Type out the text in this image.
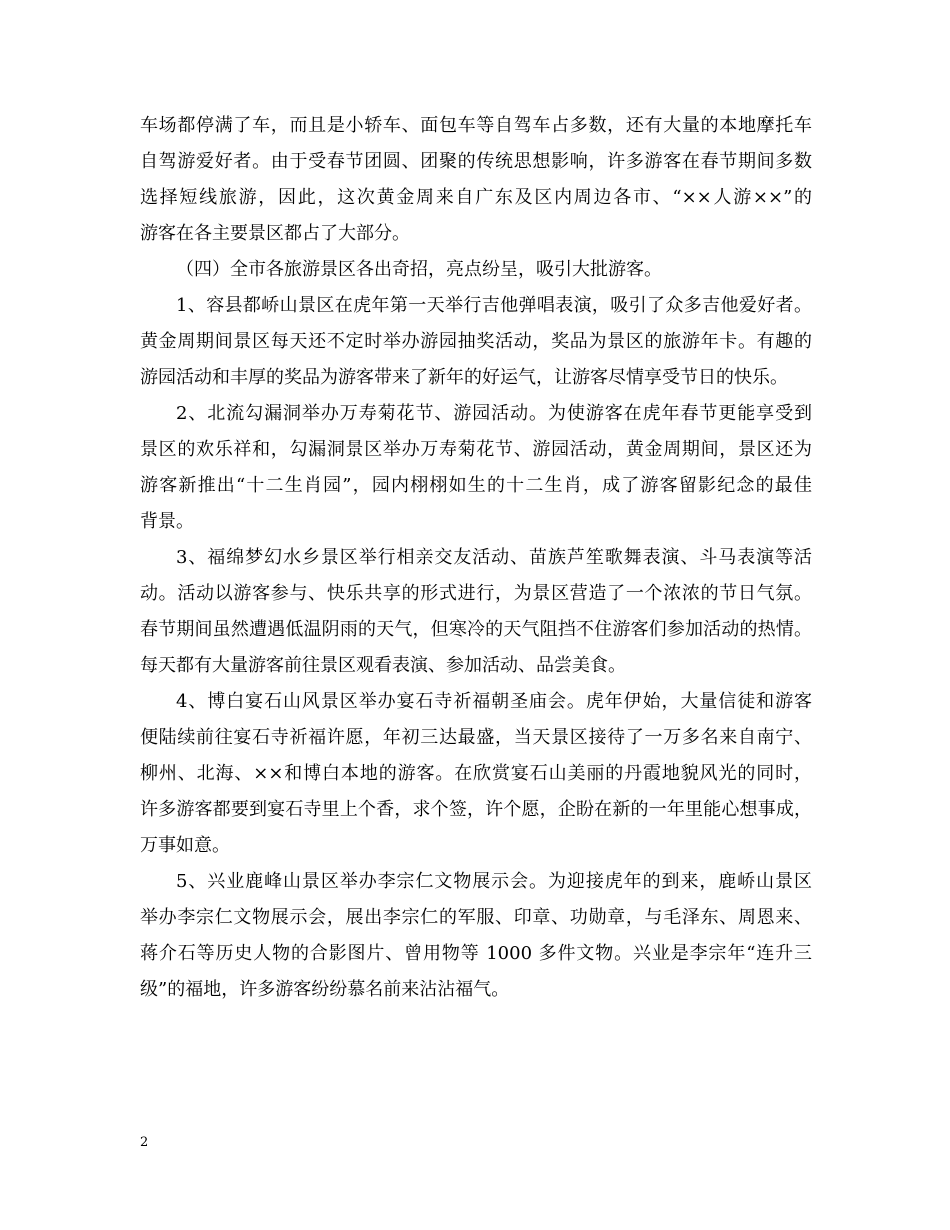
车场都停满了车，而且是小轿车、面包车等自驾车占多数，还有大量的本地摩托车
自驾游爱好者。由于受春节团圆、团聚的传统思想影响，许多游客在春节期间多数
选择短线旅游，因此，这次黄金周来自广东及区内周边各市、“××人游××”的
游客在各主要景区都占了大部分。
（四）全市各旅游景区各出奇招，亮点纷呈，吸引大批游客。
1、容县都峤山景区在虎年第一天举行吉他弹唱表演，吸引了众多吉他爱好者。
黄金周期间景区每天还不定时举办游园抽奖活动，奖品为景区的旅游年卡。有趣的
游园活动和丰厚的奖品为游客带来了新年的好运气，让游客尽情享受节日的快乐。
2、北流勾漏洞举办万寿菊花节、游园活动。为使游客在虎年春节更能享受到
景区的欢乐祥和，勾漏洞景区举办万寿菊花节、游园活动，黄金周期间，景区还为
游客新推出“十二生肖园”，园内栩栩如生的十二生肖，成了游客留影纪念的最佳
背景。
3、福绵梦幻水乡景区举行相亲交友活动、苗族芦笙歌舞表演、斗马表演等活
动。活动以游客参与、快乐共享的形式进行，为景区营造了一个浓浓的节日气氛。
春节期间虽然遭遇低温阴雨的天气，但寒冷的天气阻挡不住游客们参加活动的热情。
每天都有大量游客前往景区观看表演、参加活动、品尝美食。
4、博白宴石山风景区举办宴石寺祈福朝圣庙会。虎年伊始，大量信徒和游客
便陆续前往宴石寺祈福许愿，年初三达最盛，当天景区接待了一万多名来自南宁、
柳州、北海、××和博白本地的游客。在欣赏宴石山美丽的丹霞地貌风光的同时，
许多游客都要到宴石寺里上个香，求个签，许个愿，企盼在新的一年里能心想事成，
万事如意。
5、兴业鹿峰山景区举办李宗仁文物展示会。为迎接虎年的到来，鹿峤山景区
举办李宗仁文物展示会，展出李宗仁的军服、印章、功勋章，与毛泽东、周恩来、
蒋介石等历史人物的合影图片、曾用物等 1000 多件文物。兴业是李宗年“连升三
级”的福地，许多游客纷纷慕名前来沾沾福气。
2
